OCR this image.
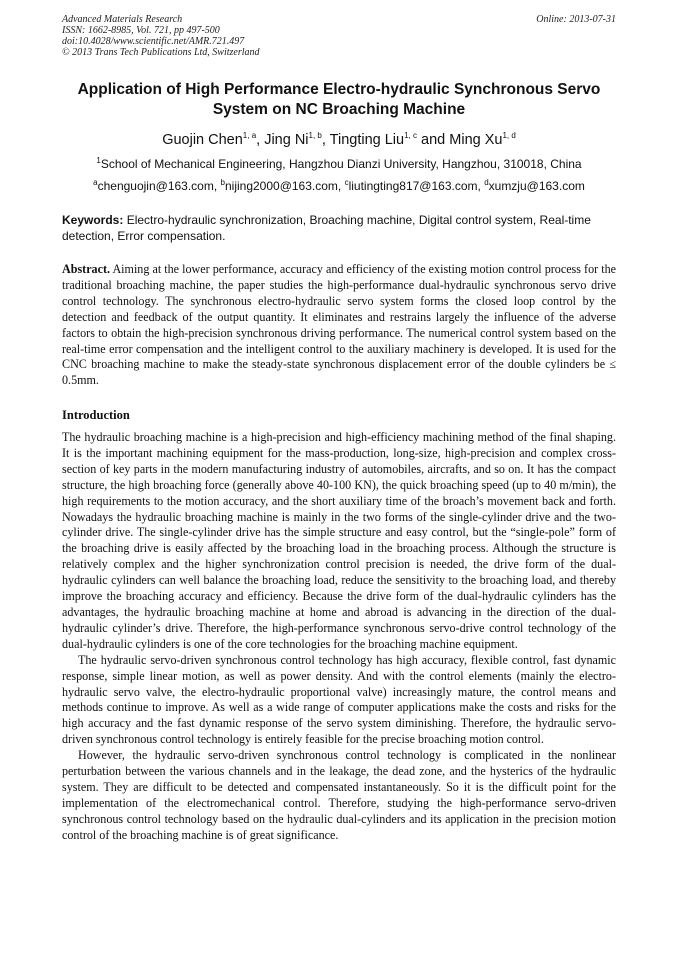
Advanced Materials Research
ISSN: 1662-8985, Vol. 721, pp 497-500
doi:10.4028/www.scientific.net/AMR.721.497
© 2013 Trans Tech Publications Ltd, Switzerland
Online: 2013-07-31
Application of High Performance Electro-hydraulic Synchronous Servo System on NC Broaching Machine
Guojin Chen$^{1, a}$, Jing Ni$^{1, b}$, Tingting Liu$^{1, c}$ and Ming Xu$^{1, d}$
$^1$School of Mechanical Engineering, Hangzhou Dianzi University, Hangzhou, 310018, China
$^a$chenguojin@163.com, $^b$nijing2000@163.com, $^c$liutingting817@163.com, $^d$xumzju@163.com
Keywords: Electro-hydraulic synchronization, Broaching machine, Digital control system, Real-time detection, Error compensation.
Abstract. Aiming at the lower performance, accuracy and efficiency of the existing motion control process for the traditional broaching machine, the paper studies the high-performance dual-hydraulic synchronous servo drive control technology. The synchronous electro-hydraulic servo system forms the closed loop control by the detection and feedback of the output quantity. It eliminates and restrains largely the influence of the adverse factors to obtain the high-precision synchronous driving performance. The numerical control system based on the real-time error compensation and the intelligent control to the auxiliary machinery is developed. It is used for the CNC broaching machine to make the steady-state synchronous displacement error of the double cylinders be ≤ 0.5mm.
Introduction

The hydraulic broaching machine is a high-precision and high-efficiency machining method of the final shaping. It is the important machining equipment for the mass-production, long-size, high-precision and complex cross-section of key parts in the modern manufacturing industry of automobiles, aircrafts, and so on. It has the compact structure, the high broaching force (generally above 40-100 KN), the quick broaching speed (up to 40 m/min), the high requirements to the motion accuracy, and the short auxiliary time of the broach’s movement back and forth. Nowadays the hydraulic broaching machine is mainly in the two forms of the single-cylinder drive and the two-cylinder drive. The single-cylinder drive has the simple structure and easy control, but the “single-pole” form of the broaching drive is easily affected by the broaching load in the broaching process. Although the structure is relatively complex and the higher synchronization control precision is needed, the drive form of the dual-hydraulic cylinders can well balance the broaching load, reduce the sensitivity to the broaching load, and thereby improve the broaching accuracy and efficiency. Because the drive form of the dual-hydraulic cylinders has the advantages, the hydraulic broaching machine at home and abroad is advancing in the direction of the dual-hydraulic cylinder’s drive. Therefore, the high-performance synchronous servo-drive control technology of the dual-hydraulic cylinders is one of the core technologies for the broaching machine equipment.

The hydraulic servo-driven synchronous control technology has high accuracy, flexible control, fast dynamic response, simple linear motion, as well as power density. And with the control elements (mainly the electro-hydraulic servo valve, the electro-hydraulic proportional valve) increasingly mature, the control means and methods continue to improve. As well as a wide range of computer applications make the costs and risks for the high accuracy and the fast dynamic response of the servo system diminishing. Therefore, the hydraulic servo-driven synchronous control technology is entirely feasible for the precise broaching motion control.

However, the hydraulic servo-driven synchronous control technology is complicated in the nonlinear perturbation between the various channels and in the leakage, the dead zone, and the hysterics of the hydraulic system. They are difficult to be detected and compensated instantaneously. So it is the difficult point for the implementation of the electromechanical control. Therefore, studying the high-performance servo-driven synchronous control technology based on the hydraulic dual-cylinders and its application in the precision motion control of the broaching machine is of great significance.
